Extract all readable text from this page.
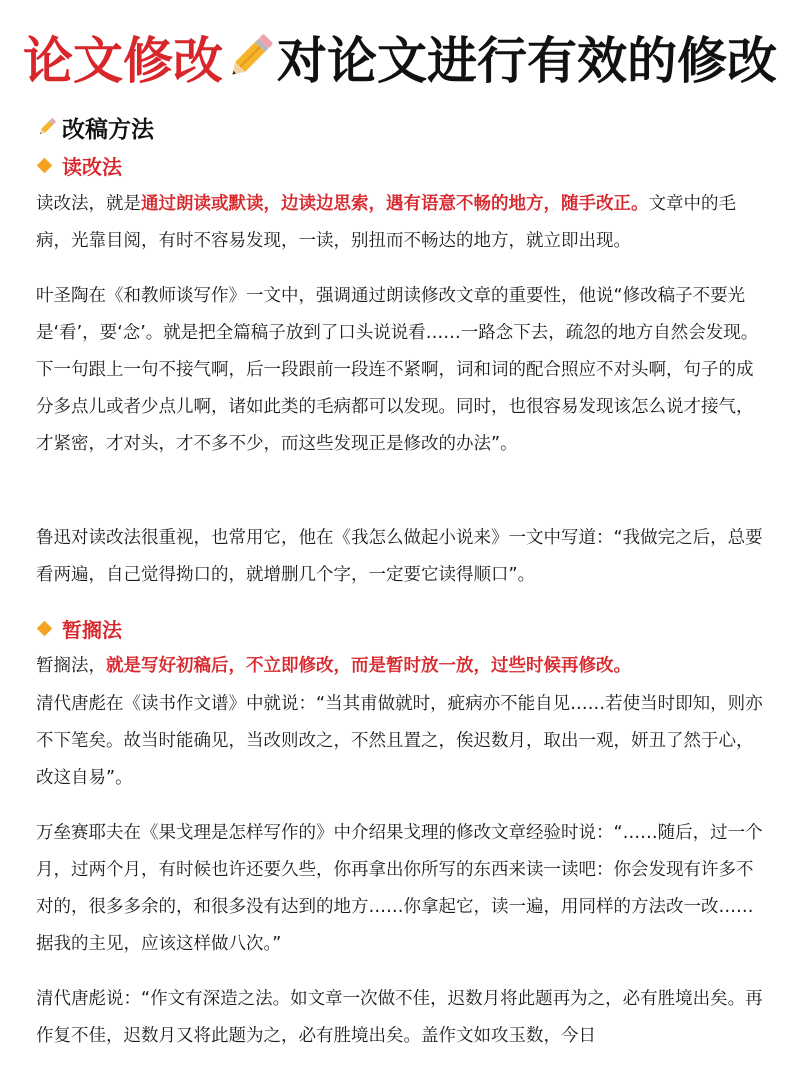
论文修改 对论文进行有效的修改
改稿方法
读改法

读改法，就是通过朗读或默读，边读边思索，遇有语意不畅的地方，随手改正。文章中的毛病，光靠目阅，有时不容易发现，一读，别扭而不畅达的地方，就立即出现。

叶圣陶在《和教师谈写作》一文中，强调通过朗读修改文章的重要性，他说“修改稿子不要光是‘看’，要‘念’。就是把全篇稿子放到了口头说说看……一路念下去，疏忽的地方自然会发现。下一句跟上一句不接气啊，后一段跟前一段连不紧啊，词和词的配合照应不对头啊，句子的成分多点儿或者少点儿啊，诸如此类的毛病都可以发现。同时，也很容易发现该怎么说才接气，才紧密，才对头，才不多不少，而这些发现正是修改的办法”。

鲁迅对读改法很重视，也常用它，他在《我怎么做起小说来》一文中写道：“我做完之后，总要看两遍，自己觉得拗口的，就增删几个字，一定要它读得顺口”。

暂搁法

暂搁法，就是写好初稿后，不立即修改，而是暂时放一放，过些时候再修改。

清代唐彪在《读书作文谱》中就说：“当其甫做就时，疵病亦不能自见……若使当时即知，则亦不下笔矣。故当时能确见，当改则改之，不然且置之，俟迟数月，取出一观，妍丑了然于心，改这自易”。

万垒赛耶夫在《果戈理是怎样写作的》中介绍果戈理的修改文章经验时说：“……随后，过一个月，过两个月，有时候也许还要久些，你再拿出你所写的东西来读一读吧：你会发现有许多不对的，很多多余的，和很多没有达到的地方……你拿起它，读一遍，用同样的方法改一改……据我的主见，应该这样做八次。”

清代唐彪说：“作文有深造之法。如文章一次做不佳，迟数月将此题再为之，必有胜境出矣。再作复不佳，迟数月又将此题为之，必有胜境出矣。盖作文如攻玉数，今日
